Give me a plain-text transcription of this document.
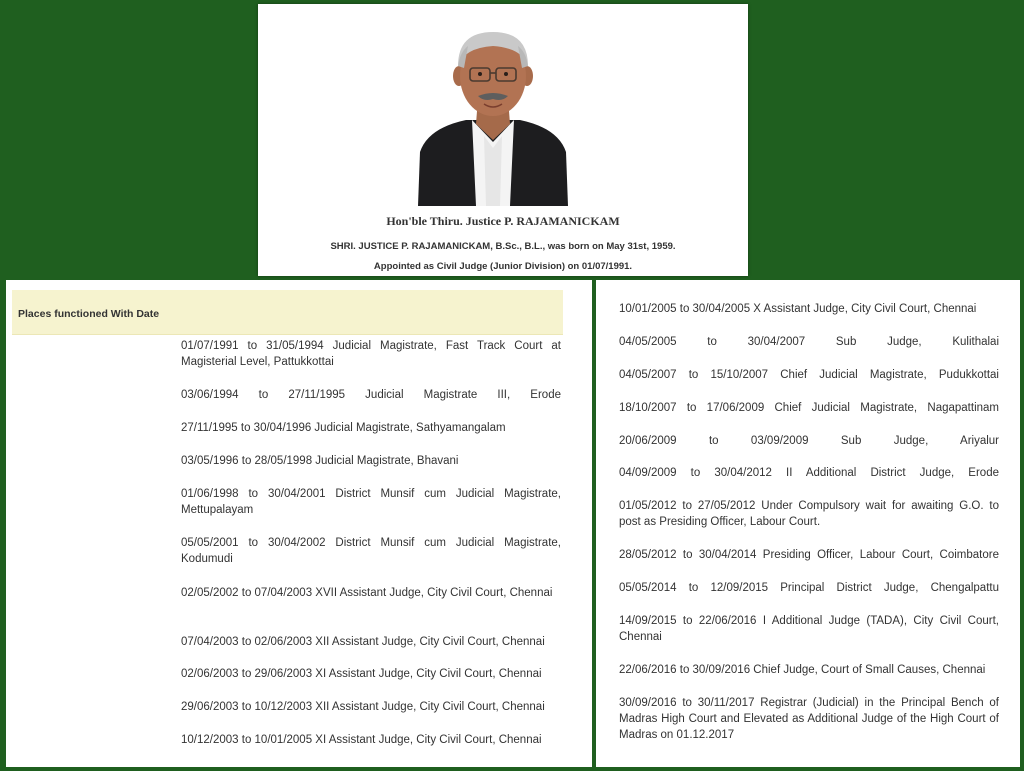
Hon'ble Thiru. Justice P. RAJAMANICKAM
SHRI. JUSTICE P. RAJAMANICKAM, B.Sc., B.L., was born on May 31st, 1959.
Appointed as Civil Judge (Junior Division) on 01/07/1991.
Places functioned With Date

01/07/1991 to 31/05/1994 Judicial Magistrate, Fast Track Court at Magisterial Level, Pattukkottai

03/06/1994 to 27/11/1995 Judicial Magistrate III, Erode

27/11/1995 to 30/04/1996 Judicial Magistrate, Sathyamangalam

03/05/1996 to 28/05/1998 Judicial Magistrate, Bhavani

01/06/1998 to 30/04/2001 District Munsif cum Judicial Magistrate, Mettupalayam

05/05/2001 to 30/04/2002 District Munsif cum Judicial Magistrate, Kodumudi

02/05/2002 to 07/04/2003 XVII Assistant Judge, City Civil Court, Chennai

07/04/2003 to 02/06/2003 XII Assistant Judge, City Civil Court, Chennai

02/06/2003 to 29/06/2003 XI Assistant Judge, City Civil Court, Chennai

29/06/2003 to 10/12/2003 XII Assistant Judge, City Civil Court, Chennai

10/12/2003 to 10/01/2005 XI Assistant Judge, City Civil Court, Chennai

10/01/2005 to 30/04/2005 X Assistant Judge, City Civil Court, Chennai

04/05/2005 to 30/04/2007 Sub Judge, Kulithalai

04/05/2007 to 15/10/2007 Chief Judicial Magistrate, Pudukkottai

18/10/2007 to 17/06/2009 Chief Judicial Magistrate, Nagapattinam

20/06/2009 to 03/09/2009 Sub Judge, Ariyalur

04/09/2009 to 30/04/2012 II Additional District Judge, Erode

01/05/2012 to 27/05/2012 Under Compulsory wait for awaiting G.O. to post as Presiding Officer, Labour Court.

28/05/2012 to 30/04/2014 Presiding Officer, Labour Court, Coimbatore

05/05/2014 to 12/09/2015 Principal District Judge, Chengalpattu

14/09/2015 to 22/06/2016 I Additional Judge (TADA), City Civil Court, Chennai

22/06/2016 to 30/09/2016 Chief Judge, Court of Small Causes, Chennai

30/09/2016 to 30/11/2017 Registrar (Judicial) in the Principal Bench of Madras High Court and Elevated as Additional Judge of the High Court of Madras on 01.12.2017
